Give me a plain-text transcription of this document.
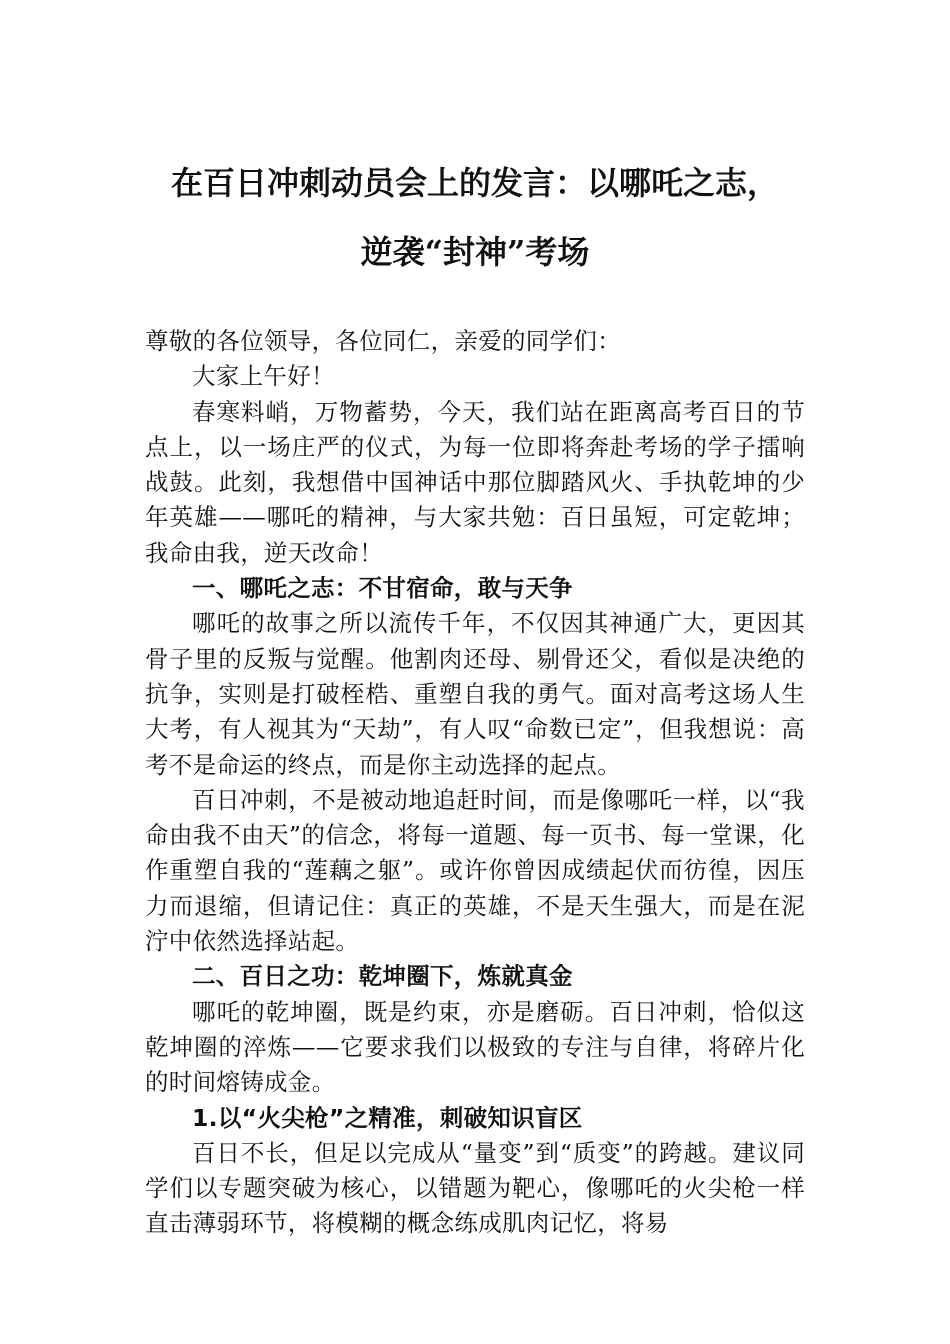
在百日冲刺动员会上的发言：以哪吒之志，
逆袭“封神”考场

尊敬的各位领导，各位同仁，亲爱的同学们：

大家上午好！

春寒料峭，万物蓄势，今天，我们站在距离高考百日的节点上，以一场庄严的仪式，为每一位即将奔赴考场的学子擂响战鼓。此刻，我想借中国神话中那位脚踏风火、手执乾坤的少年英雄——哪吒的精神，与大家共勉：百日虽短，可定乾坤；我命由我，逆天改命！

一、哪吒之志：不甘宿命，敢与天争

哪吒的故事之所以流传千年，不仅因其神通广大，更因其骨子里的反叛与觉醒。他割肉还母、剔骨还父，看似是决绝的抗争，实则是打破桎梏、重塑自我的勇气。面对高考这场人生大考，有人视其为“天劫”，有人叹“命数已定”，但我想说：高考不是命运的终点，而是你主动选择的起点。

百日冲刺，不是被动地追赶时间，而是像哪吒一样，以“我命由我不由天”的信念，将每一道题、每一页书、每一堂课，化作重塑自我的“莲藕之躯”。或许你曾因成绩起伏而彷徨，因压力而退缩，但请记住：真正的英雄，不是天生强大，而是在泥泞中依然选择站起。

二、百日之功：乾坤圈下，炼就真金

哪吒的乾坤圈，既是约束，亦是磨砺。百日冲刺，恰似这乾坤圈的淬炼——它要求我们以极致的专注与自律，将碎片化的时间熔铸成金。

1.以“火尖枪”之精准，刺破知识盲区

百日不长，但足以完成从“量变”到“质变”的跨越。建议同学们以专题突破为核心，以错题为靶心，像哪吒的火尖枪一样直击薄弱环节，将模糊的概念练成肌肉记忆，将易
